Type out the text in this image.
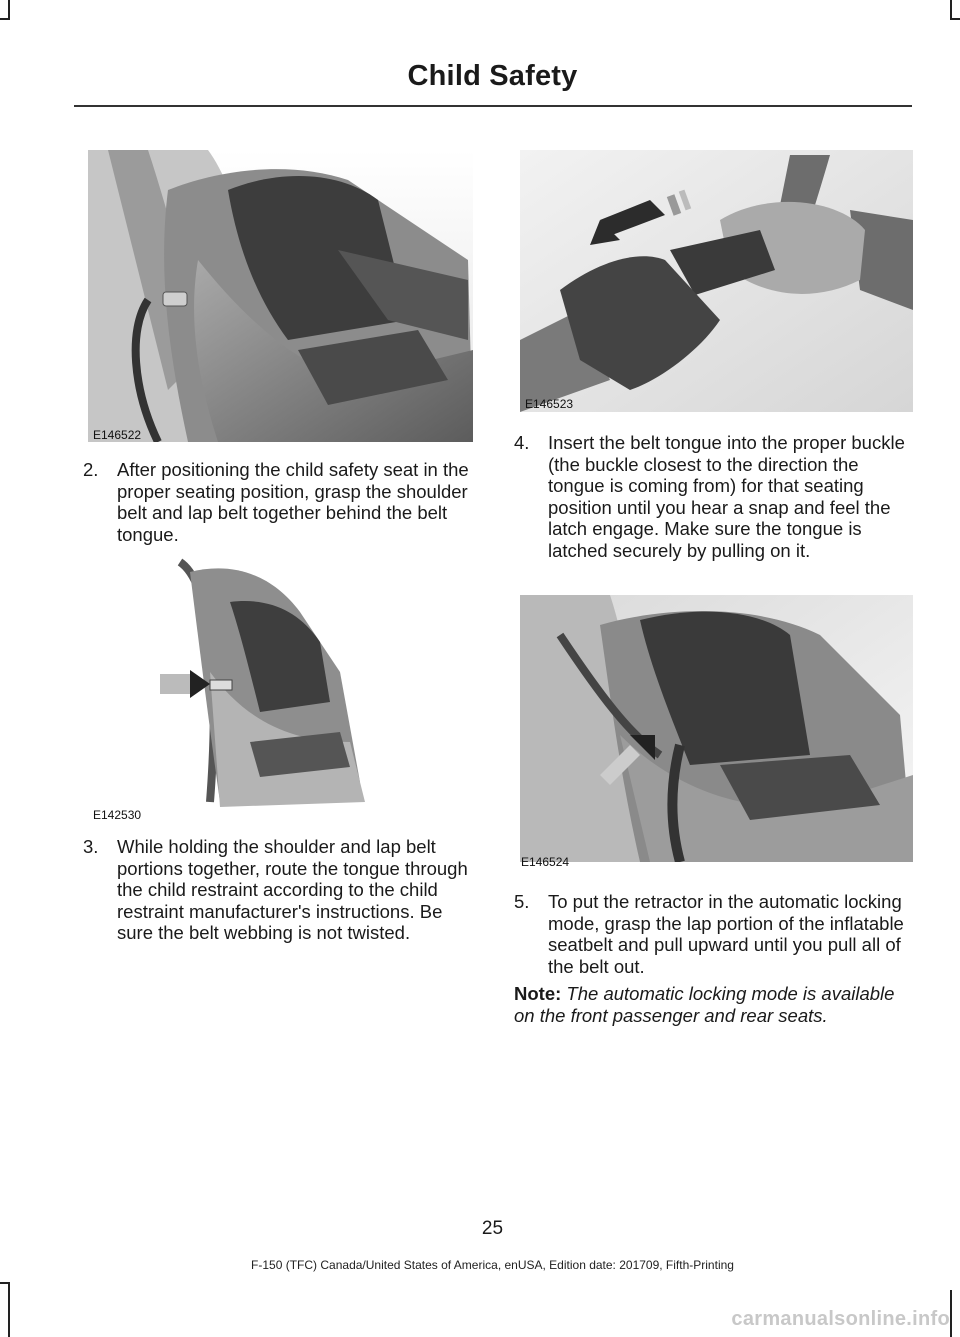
Child Safety
E146522
E146523
2. After positioning the child safety seat in the proper seating position, grasp the shoulder belt and lap belt together behind the belt tongue.
4. Insert the belt tongue into the proper buckle (the buckle closest to the direction the tongue is coming from) for that seating position until you hear a snap and feel the latch engage. Make sure the tongue is latched securely by pulling on it.
E142530
E146524
3. While holding the shoulder and lap belt portions together, route the tongue through the child restraint according to the child restraint manufacturer's instructions. Be sure the belt webbing is not twisted.
5. To put the retractor in the automatic locking mode, grasp the lap portion of the inflatable seatbelt and pull upward until you pull all of the belt out.
Note: The automatic locking mode is available on the front passenger and rear seats.
25
F-150 (TFC) Canada/United States of America, enUSA, Edition date: 201709, Fifth-Printing
carmanualsonline.info
